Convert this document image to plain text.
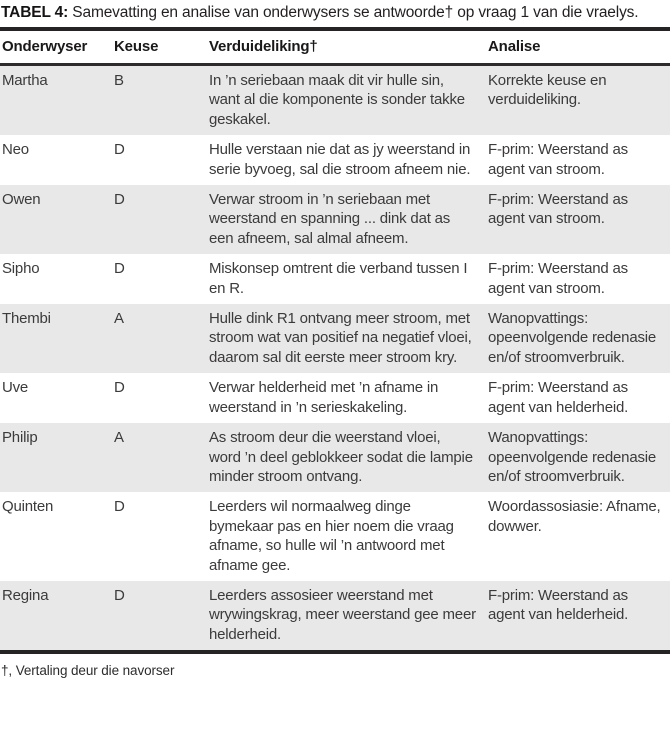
TABEL 4: Samevatting en analise van onderwysers se antwoorde† op vraag 1 van die vraelys.

Onderwyser	Keuse	Verduideliking†	Analise
Martha	B	In ’n seriebaan maak dit vir hulle sin, want al die komponente is sonder takke geskakel.	Korrekte keuse en verduideliking.
Neo	D	Hulle verstaan nie dat as jy weerstand in serie byvoeg, sal die stroom afneem nie.	F-prim: Weerstand as agent van stroom.
Owen	D	Verwar stroom in ’n seriebaan met weerstand en spanning ... dink dat as een afneem, sal almal afneem.	F-prim: Weerstand as agent van stroom.
Sipho	D	Miskonsep omtrent die verband tussen I en R.	F-prim: Weerstand as agent van stroom.
Thembi	A	Hulle dink R1 ontvang meer stroom, met stroom wat van positief na negatief vloei, daarom sal dit eerste meer stroom kry.	Wanopvattings: opeenvolgende redenasie en/of stroomverbruik.
Uve	D	Verwar helderheid met ’n afname in weerstand in ’n serieskakeling.	F-prim: Weerstand as agent van helderheid.
Philip	A	As stroom deur die weerstand vloei, word ’n deel geblokkeer sodat die lampie minder stroom ontvang.	Wanopvattings: opeenvolgende redenasie en/of stroomverbruik.
Quinten	D	Leerders wil normaalweg dinge bymekaar pas en hier noem die vraag afname, so hulle wil ’n antwoord met afname gee.	Woordassosiasie: Afname, dowwer.
Regina	D	Leerders assosieer weerstand met wrywingskrag, meer weerstand gee meer helderheid.	F-prim: Weerstand as agent van helderheid.

†, Vertaling deur die navorser
